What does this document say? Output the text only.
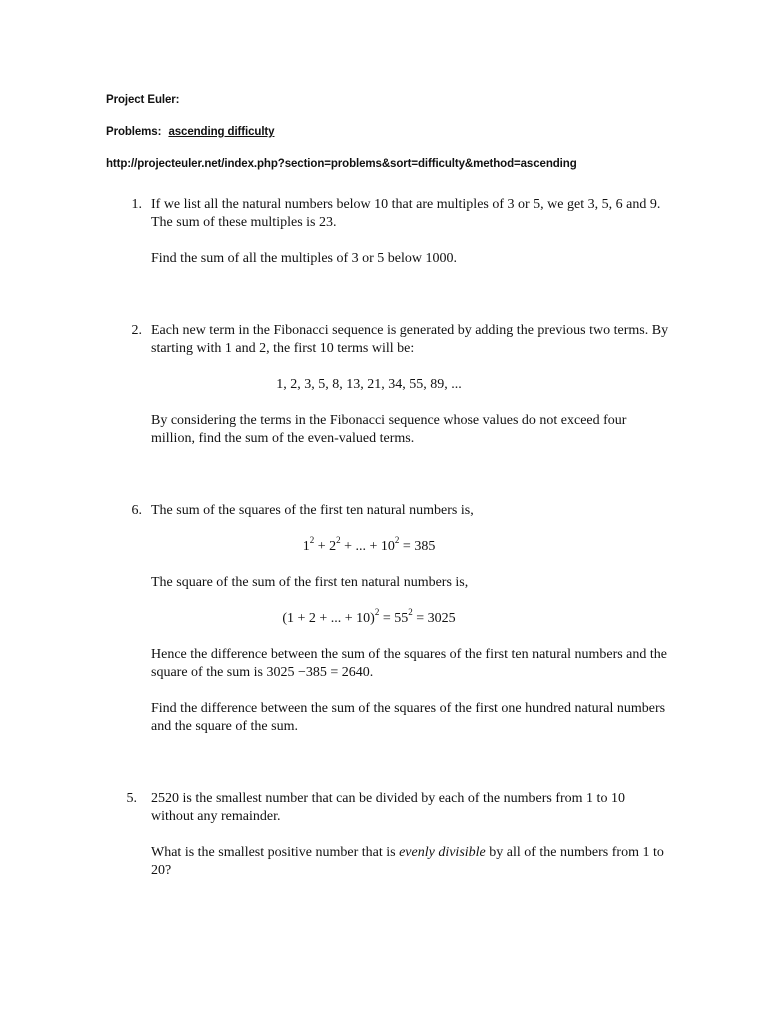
Project Euler:
Problems: ascending difficulty
http://projecteuler.net/index.php?section=problems&sort=difficulty&method=ascending
1. If we list all the natural numbers below 10 that are multiples of 3 or 5, we get 3, 5, 6 and 9. The sum of these multiples is 23.
Find the sum of all the multiples of 3 or 5 below 1000.
2. Each new term in the Fibonacci sequence is generated by adding the previous two terms. By starting with 1 and 2, the first 10 terms will be:
1, 2, 3, 5, 8, 13, 21, 34, 55, 89, ...
By considering the terms in the Fibonacci sequence whose values do not exceed four million, find the sum of the even-valued terms.
6. The sum of the squares of the first ten natural numbers is,
$1^2 + 2^2$ + ... + $10^2 = 385$
The square of the sum of the first ten natural numbers is,
(1 + 2 + ... + $10)^2 = 55^2 = 3025$
Hence the difference between the sum of the squares of the first ten natural numbers and the square of the sum is 3025 −385 = 2640.
Find the difference between the sum of the squares of the first one hundred natural numbers and the square of the sum.
5. 2520 is the smallest number that can be divided by each of the numbers from 1 to 10 without any remainder.
What is the smallest positive number that is evenly divisible by all of the numbers from 1 to 20?
